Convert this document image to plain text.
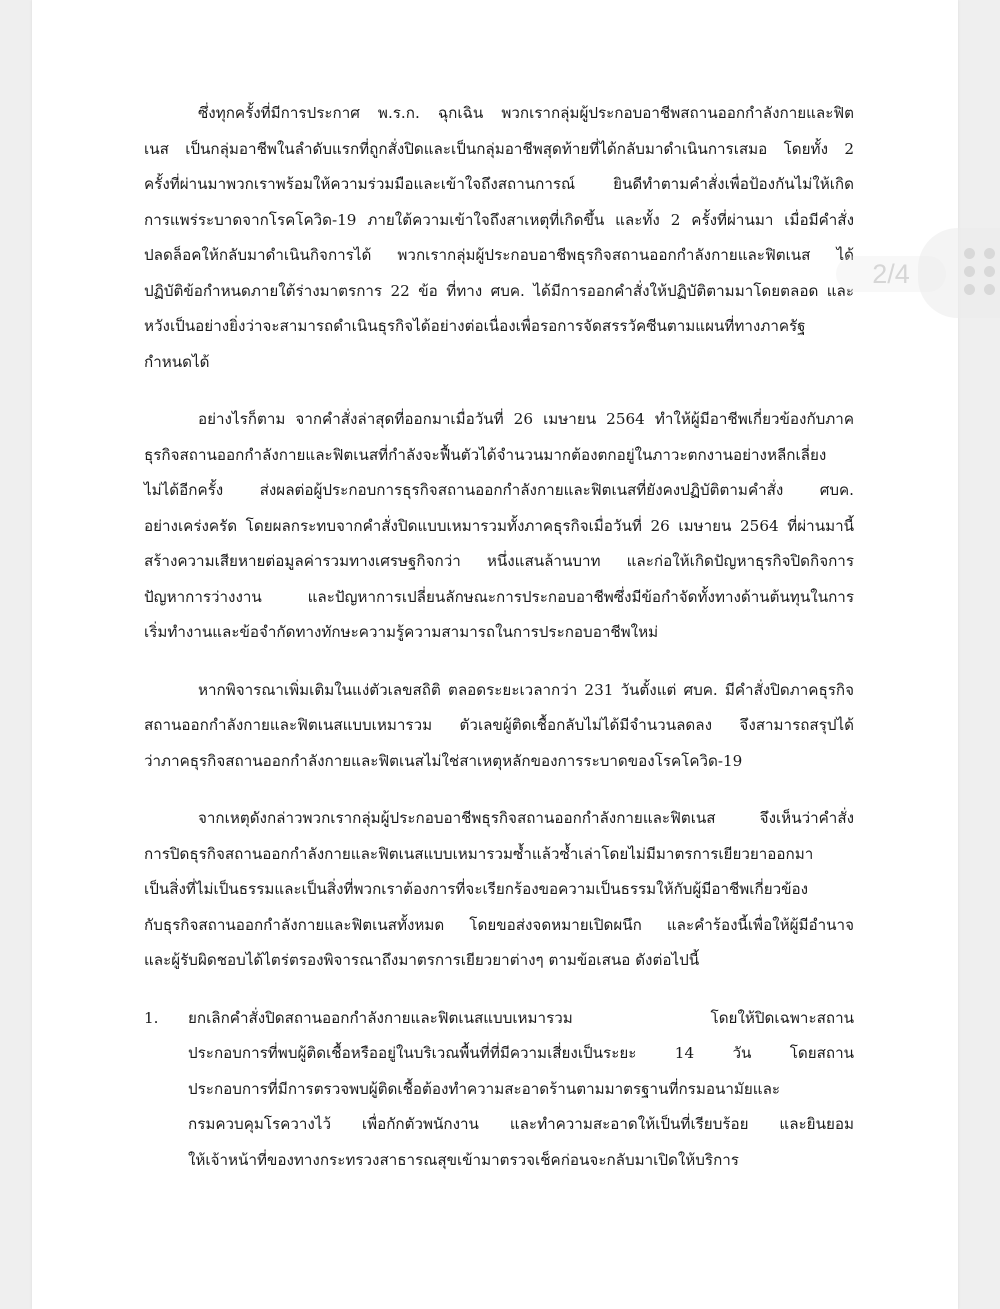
ซึ่งทุกครั้งที่มีการประกาศ พ.ร.ก. ฉุกเฉิน พวกเรากลุ่มผู้ประกอบอาชีพสถานออกกำลังกายและฟิต
เนส เป็นกลุ่มอาชีพในลำดับแรกที่ถูกสั่งปิดและเป็นกลุ่มอาชีพสุดท้ายที่ได้กลับมาดำเนินการเสมอ โดยทั้ง 2
ครั้งที่ผ่านมาพวกเราพร้อมให้ความร่วมมือและเข้าใจถึงสถานการณ์ ยินดีทำตามคำสั่งเพื่อป้องกันไม่ให้เกิด
การแพร่ระบาดจากโรคโควิด-19 ภายใต้ความเข้าใจถึงสาเหตุที่เกิดขึ้น และทั้ง 2 ครั้งที่ผ่านมา เมื่อมีคำสั่ง
ปลดล็อคให้กลับมาดำเนินกิจการได้ พวกเรากลุ่มผู้ประกอบอาชีพธุรกิจสถานออกกำลังกายและฟิตเนส ได้
ปฏิบัติข้อกำหนดภายใต้ร่างมาตรการ 22 ข้อ ที่ทาง ศบค. ได้มีการออกคำสั่งให้ปฏิบัติตามมาโดยตลอด และ
หวังเป็นอย่างยิ่งว่าจะสามารถดำเนินธุรกิจได้อย่างต่อเนื่องเพื่อรอการจัดสรรวัคซีนตามแผนที่ทางภาครัฐ
กำหนดได้
อย่างไรก็ตาม จากคำสั่งล่าสุดที่ออกมาเมื่อวันที่ 26 เมษายน 2564 ทำให้ผู้มีอาชีพเกี่ยวข้องกับภาค
ธุรกิจสถานออกกำลังกายและฟิตเนสที่กำลังจะฟื้นตัวได้จำนวนมากต้องตกอยู่ในภาวะตกงานอย่างหลีกเลี่ยง
ไม่ได้อีกครั้ง ส่งผลต่อผู้ประกอบการธุรกิจสถานออกกำลังกายและฟิตเนสที่ยังคงปฏิบัติตามคำสั่ง ศบค.
อย่างเคร่งครัด โดยผลกระทบจากคำสั่งปิดแบบเหมารวมทั้งภาคธุรกิจเมื่อวันที่ 26 เมษายน 2564 ที่ผ่านมานี้
สร้างความเสียหายต่อมูลค่ารวมทางเศรษฐกิจกว่า หนึ่งแสนล้านบาท และก่อให้เกิดปัญหาธุรกิจปิดกิจการ
ปัญหาการว่างงาน และปัญหาการเปลี่ยนลักษณะการประกอบอาชีพซึ่งมีข้อกำจัดทั้งทางด้านต้นทุนในการ
เริ่มทำงานและข้อจำกัดทางทักษะความรู้ความสามารถในการประกอบอาชีพใหม่
หากพิจารณาเพิ่มเติมในแง่ตัวเลขสถิติ ตลอดระยะเวลากว่า 231 วันตั้งแต่ ศบค. มีคำสั่งปิดภาคธุรกิจ
สถานออกกำลังกายและฟิตเนสแบบเหมารวม ตัวเลขผู้ติดเชื้อกลับไม่ได้มีจำนวนลดลง จึงสามารถสรุปได้
ว่าภาคธุรกิจสถานออกกำลังกายและฟิตเนสไม่ใช่สาเหตุหลักของการระบาดของโรคโควิด-19
จากเหตุดังกล่าวพวกเรากลุ่มผู้ประกอบอาชีพธุรกิจสถานออกกำลังกายและฟิตเนส จึงเห็นว่าคำสั่ง
การปิดธุรกิจสถานออกกำลังกายและฟิตเนสแบบเหมารวมซ้ำแล้วซ้ำเล่าโดยไม่มีมาตรการเยียวยาออกมา
เป็นสิ่งที่ไม่เป็นธรรมและเป็นสิ่งที่พวกเราต้องการที่จะเรียกร้องขอความเป็นธรรมให้กับผู้มีอาชีพเกี่ยวข้อง
กับธุรกิจสถานออกกำลังกายและฟิตเนสทั้งหมด โดยขอส่งจดหมายเปิดผนึก และคำร้องนี้เพื่อให้ผู้มีอำนาจ
และผู้รับผิดชอบได้ไตร่ตรองพิจารณาถึงมาตรการเยียวยาต่างๆ ตามข้อเสนอ ดังต่อไปนี้
1. ยกเลิกคำสั่งปิดสถานออกกำลังกายและฟิตเนสแบบเหมารวม โดยให้ปิดเฉพาะสถาน
ประกอบการที่พบผู้ติดเชื้อหรืออยู่ในบริเวณพื้นที่ที่มีความเสี่ยงเป็นระยะ 14 วัน โดยสถาน
ประกอบการที่มีการตรวจพบผู้ติดเชื้อต้องทำความสะอาดร้านตามมาตรฐานที่กรมอนามัยและ
กรมควบคุมโรควางไว้ เพื่อกักตัวพนักงาน และทำความสะอาดให้เป็นที่เรียบร้อย และยินยอม
ให้เจ้าหน้าที่ของทางกระทรวงสาธารณสุขเข้ามาตรวจเช็คก่อนจะกลับมาเปิดให้บริการ
2/4
